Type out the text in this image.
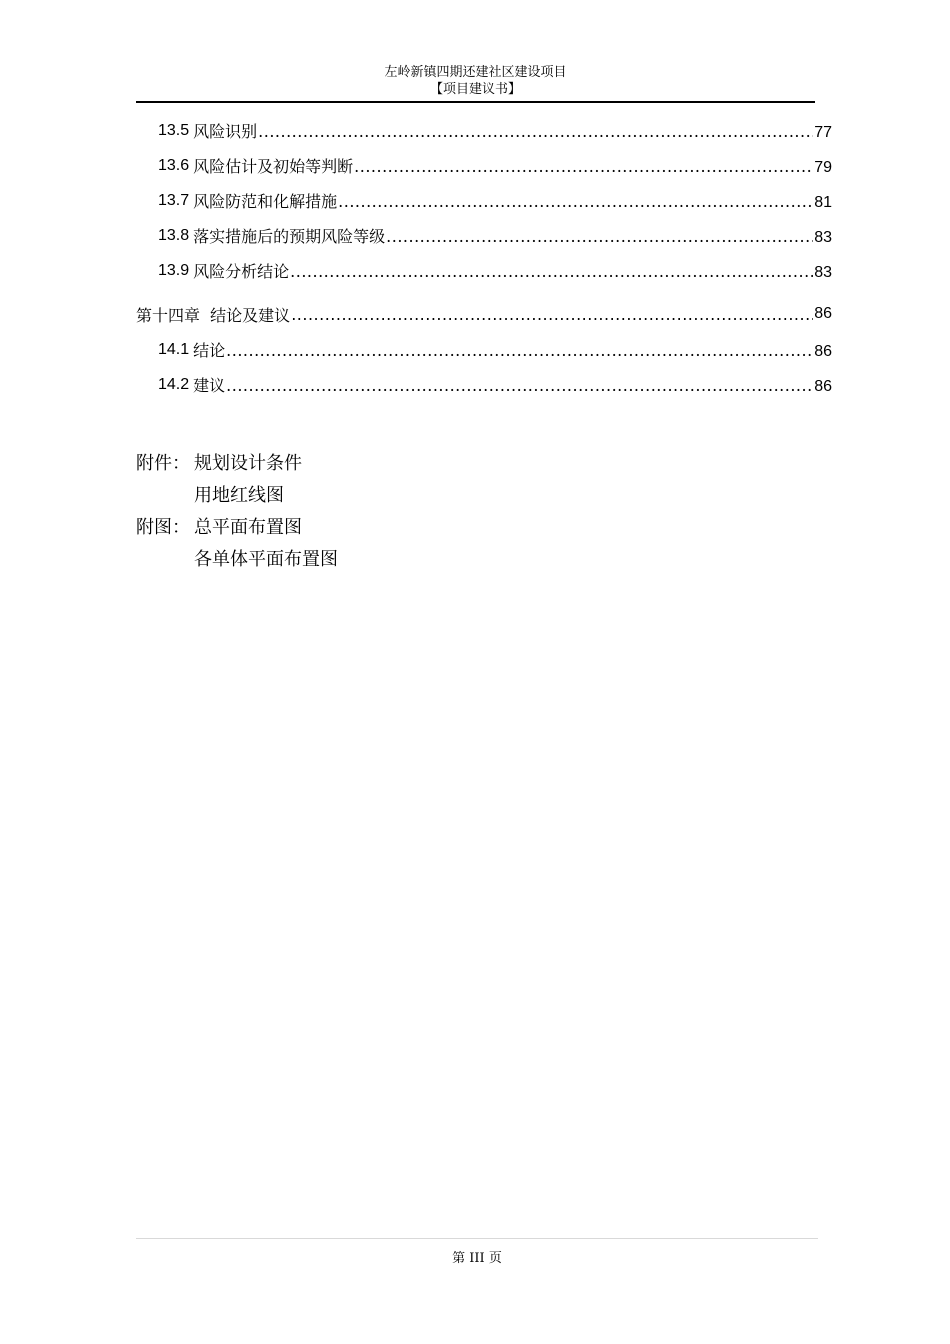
左岭新镇四期还建社区建设项目
【项目建议书】
13.5 风险识别 .....	77
13.6 风险估计及初始等判断 .....	79
13.7 风险防范和化解措施 .....	81
13.8 落实措施后的预期风险等级 .....	83
13.9 风险分析结论 .....	83
第十四章  结论及建议 .....	86
14.1 结论 .....	86
14.2 建议 .....	86
附件： 规划设计条件
用地红线图
附图： 总平面布置图
各单体平面布置图
第 III 页
